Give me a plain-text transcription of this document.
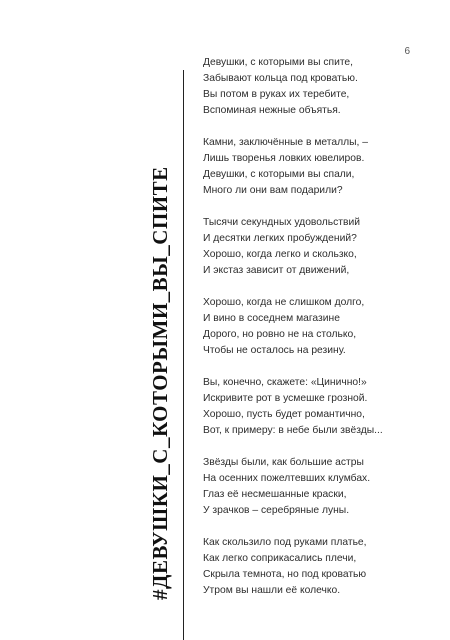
6
#ДЕВУШКИ_С_КОТОРЫМИ_ВЫ_СПИТЕ
Девушки, с которыми вы спите,
Забывают кольца под кроватью.
Вы потом в руках их теребите,
Вспоминая нежные объятья.
Камни, заключённые в металлы, –
Лишь творенья ловких ювелиров.
Девушки, с которыми вы спали,
Много ли они вам подарили?
Тысячи секундных удовольствий
И десятки легких пробуждений?
Хорошо, когда легко и скользко,
И экстаз зависит от движений,
Хорошо, когда не слишком долго,
И вино в соседнем магазине
Дорого, но ровно не на столько,
Чтобы не осталось на резину.
Вы, конечно, скажете: «Цинично!»
Искривите рот в усмешке грозной.
Хорошо, пусть будет романтично,
Вот, к примеру: в небе были звёзды...
Звёзды были, как большие астры
На осенних пожелтевших клумбах.
Глаз её несмешанные краски,
У зрачков – серебряные луны.
Как скользило под руками платье,
Как легко соприкасались плечи,
Скрыла темнота, но под кроватью
Утром вы нашли её колечко.
